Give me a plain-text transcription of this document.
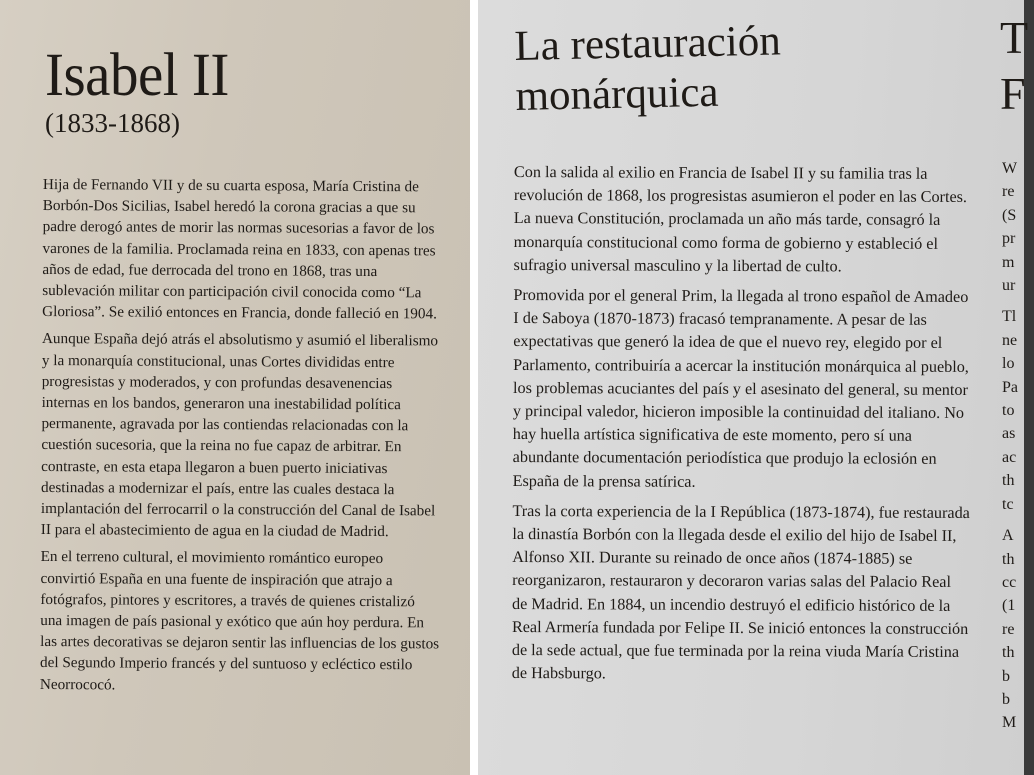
Isabel II
(1833-1868)

Hija de Fernando VII y de su cuarta esposa, María Cristina de Borbón-Dos Sicilias, Isabel heredó la corona gracias a que su padre derogó antes de morir las normas sucesorias a favor de los varones de la familia. Proclamada reina en 1833, con apenas tres años de edad, fue derrocada del trono en 1868, tras una sublevación militar con participación civil conocida como “La Gloriosa”. Se exilió entonces en Francia, donde falleció en 1904.

Aunque España dejó atrás el absolutismo y asumió el liberalismo y la monarquía constitucional, unas Cortes divididas entre progresistas y moderados, y con profundas desavenencias internas en los bandos, generaron una inestabilidad política permanente, agravada por las contiendas relacionadas con la cuestión sucesoria, que la reina no fue capaz de arbitrar. En contraste, en esta etapa llegaron a buen puerto iniciativas destinadas a modernizar el país, entre las cuales destaca la implantación del ferrocarril o la construcción del Canal de Isabel II para el abastecimiento de agua en la ciudad de Madrid.

En el terreno cultural, el movimiento romántico europeo convirtió España en una fuente de inspiración que atrajo a fotógrafos, pintores y escritores, a través de quienes cristalizó una imagen de país pasional y exótico que aún hoy perdura. En las artes decorativas se dejaron sentir las influencias de los gustos del Segundo Imperio francés y del suntuoso y ecléctico estilo Neorrococó.

La restauración monárquica

Con la salida al exilio en Francia de Isabel II y su familia tras la revolución de 1868, los progresistas asumieron el poder en las Cortes. La nueva Constitución, proclamada un año más tarde, consagró la monarquía constitucional como forma de gobierno y estableció el sufragio universal masculino y la libertad de culto.

Promovida por el general Prim, la llegada al trono español de Amadeo I de Saboya (1870-1873) fracasó tempranamente. A pesar de las expectativas que generó la idea de que el nuevo rey, elegido por el Parlamento, contribuiría a acercar la institución monárquica al pueblo, los problemas acuciantes del país y el asesinato del general, su mentor y principal valedor, hicieron imposible la continuidad del italiano. No hay huella artística significativa de este momento, pero sí una abundante documentación periodística que produjo la eclosión en España de la prensa satírica.

Tras la corta experiencia de la I República (1873-1874), fue restaurada la dinastía Borbón con la llegada desde el exilio del hijo de Isabel II, Alfonso XII. Durante su reinado de once años (1874-1885) se reorganizaron, restauraron y decoraron varias salas del Palacio Real de Madrid. En 1884, un incendio destruyó el edificio histórico de la Real Armería fundada por Felipe II. Se inició entonces la construcción de la sede actual, que fue terminada por la reina viuda María Cristina de Habsburgo.

T
F
W
re
(S
pr
m
ur
Tl
ne
lo
Pa
to
as
ac
th
tc
A
th
cc
(1
re
th
b
b
M
